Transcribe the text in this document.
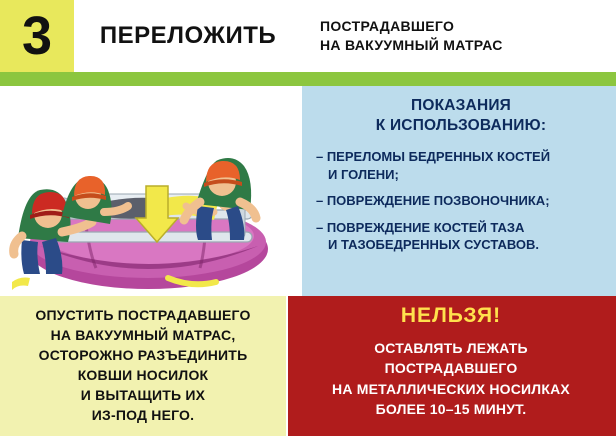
3 ПЕРЕЛОЖИТЬ	ПОСТРАДАВШЕГО
НА ВАКУУМНЫЙ МАТРАС
ПОКАЗАНИЯ
К ИСПОЛЬЗОВАНИЮ:
– ПЕРЕЛОМЫ БЕДРЕННЫХ КОСТЕЙ
И ГОЛЕНИ;
– ПОВРЕЖДЕНИЕ ПОЗВОНОЧНИКА;
– ПОВРЕЖДЕНИЕ КОСТЕЙ ТАЗА
И ТАЗОБЕДРЕННЫХ СУСТАВОВ.
ОПУСТИТЬ ПОСТРАДАВШЕГО
НА ВАКУУМНЫЙ МАТРАС,
ОСТОРОЖНО РАЗЪЕДИНИТЬ
КОВШИ НОСИЛОК
И ВЫТАЩИТЬ ИХ
ИЗ-ПОД НЕГО.
НЕЛЬЗЯ!
ОСТАВЛЯТЬ ЛЕЖАТЬ
ПОСТРАДАВШЕГО
НА МЕТАЛЛИЧЕСКИХ НОСИЛКАХ
БОЛЕЕ 10–15 МИНУТ.
